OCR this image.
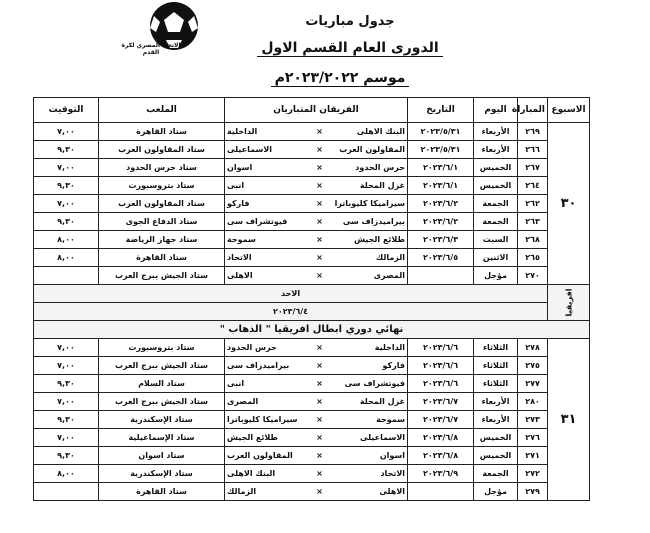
الاتحاد المصري لكرة القدم
جدول مباريات
الدورى العام القسم الاول
موسم ٢٠٢٣/٢٠٢٢م
الاسبوع	المباراة	اليوم	التاريخ	الفريقان المتباريان			الملعب	التوقيت
٣٠	٢٦٩	الأربعاء	٢٠٢٣/٥/٣١	البنك الاهلى	×	الداخلية	ستاد القاهرة	٧,٠٠
	٢٦٦	الأربعاء	٢٠٢٣/٥/٣١	المقاولون العرب	×	الاسماعيلى	ستاد المقاولون العرب	٩,٣٠
	٢٦٧	الخميس	٢٠٢٣/٦/١	حرس الحدود	×	اسوان	ستاد حرس الحدود	٧,٠٠
	٢٦٤	الخميس	٢٠٢٣/٦/١	غزل المحلة	×	انبى	ستاد بتروسبورت	٩,٣٠
	٢٦٢	الجمعة	٢٠٢٣/٦/٢	سيراميكا كليوباترا	×	فاركو	ستاد المقاولون العرب	٧,٠٠
	٢٦٣	الجمعة	٢٠٢٣/٦/٢	بيراميدزاف سى	×	فيوتشراف سى	ستاد الدفاع الجوى	٩,٣٠
	٢٦٨	السبت	٢٠٢٣/٦/٣	طلائع الجيش	×	سموحة	ستاد جهاز الرياضة	٨,٠٠
	٢٦٥	الاثنين	٢٠٢٣/٦/٥	الزمالك	×	الاتحاد	ستاد القاهرة	٨,٠٠
	٢٧٠	مؤجل		المصرى	×	الاهلى	ستاد الجيش ببرج العرب	
افريقيا	الاحد							
	٢٠٢٣/٦/٤							
نهائي دوري ابطال افريقيا " الذهاب "								
٣١	٢٧٨	الثلاثاء	٢٠٢٣/٦/٦	الداخلية	×	حرس الحدود	ستاد بتروسبورت	٧,٠٠
	٢٧٥	الثلاثاء	٢٠٢٣/٦/٦	فاركو	×	بيراميدزاف سى	ستاد الجيش ببرج العرب	٧,٠٠
	٢٧٧	الثلاثاء	٢٠٢٣/٦/٦	فيوتشراف سى	×	انبى	ستاد السلام	٩,٣٠
	٢٨٠	الأربعاء	٢٠٢٣/٦/٧	غزل المحلة	×	المصرى	ستاد الجيش ببرج العرب	٧,٠٠
	٢٧٣	الأربعاء	٢٠٢٣/٦/٧	سموحة	×	سيراميكا كليوباترا	ستاد الإسكندرية	٩,٣٠
	٢٧٦	الخميس	٢٠٢٣/٦/٨	الاسماعيلى	×	طلائع الجيش	ستاد الإسماعيلية	٧,٠٠
	٢٧١	الخميس	٢٠٢٣/٦/٨	اسوان	×	المقاولون العرب	ستاد اسوان	٩,٣٠
	٢٧٢	الجمعة	٢٠٢٣/٦/٩	الاتحاد	×	البنك الاهلى	ستاد الإسكندرية	٨,٠٠
	٢٧٩	مؤجل		الاهلى	×	الزمالك	ستاد القاهرة	
